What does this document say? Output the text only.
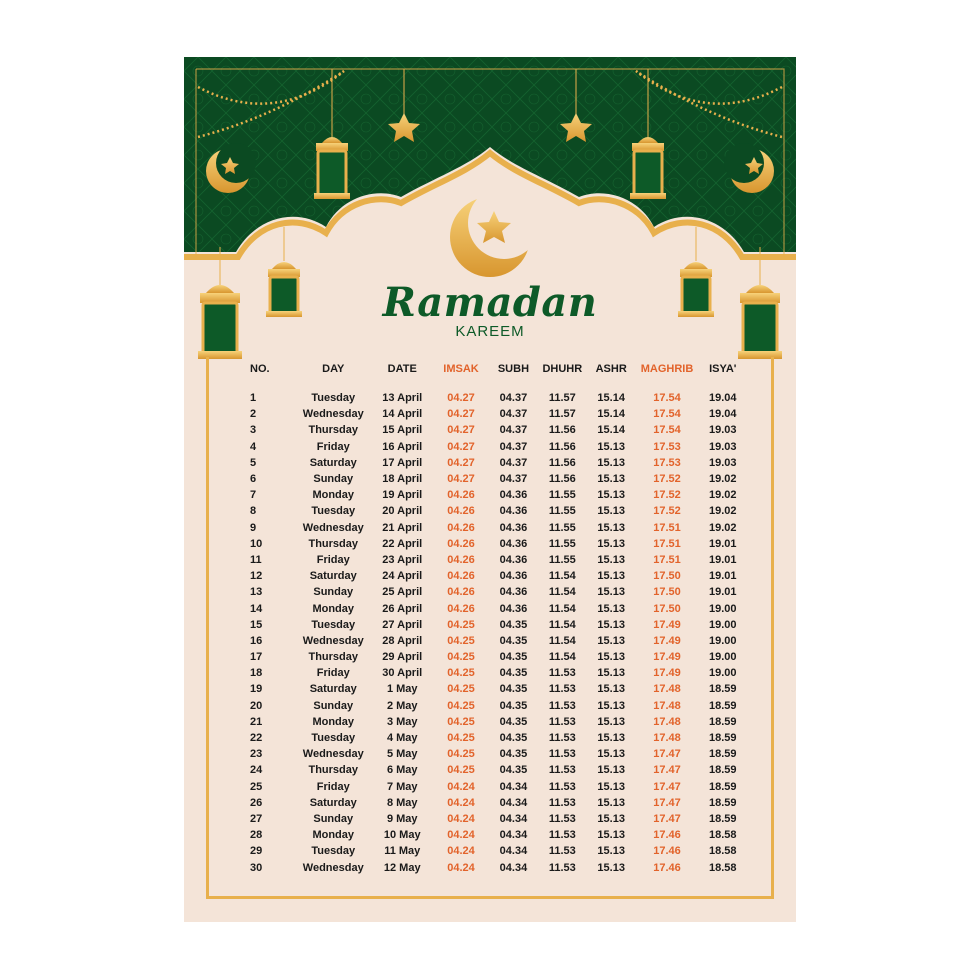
Ramadan
KAREEM
NO.	DAY	DATE	IMSAK	SUBH	DHUHR	ASHR	MAGHRIB	ISYA'

1	Tuesday	13 April	04.27	04.37	11.57	15.14	17.54	19.04
2	Wednesday	14 April	04.27	04.37	11.57	15.14	17.54	19.04
3	Thursday	15 April	04.27	04.37	11.56	15.14	17.54	19.03
4	Friday	16 April	04.27	04.37	11.56	15.13	17.53	19.03
5	Saturday	17 April	04.27	04.37	11.56	15.13	17.53	19.03
6	Sunday	18 April	04.27	04.37	11.56	15.13	17.52	19.02
7	Monday	19 April	04.26	04.36	11.55	15.13	17.52	19.02
8	Tuesday	20 April	04.26	04.36	11.55	15.13	17.52	19.02
9	Wednesday	21 April	04.26	04.36	11.55	15.13	17.51	19.02
10	Thursday	22 April	04.26	04.36	11.55	15.13	17.51	19.01
11	Friday	23 April	04.26	04.36	11.55	15.13	17.51	19.01
12	Saturday	24 April	04.26	04.36	11.54	15.13	17.50	19.01
13	Sunday	25 April	04.26	04.36	11.54	15.13	17.50	19.01
14	Monday	26 April	04.26	04.36	11.54	15.13	17.50	19.00
15	Tuesday	27 April	04.25	04.35	11.54	15.13	17.49	19.00
16	Wednesday	28 April	04.25	04.35	11.54	15.13	17.49	19.00
17	Thursday	29 April	04.25	04.35	11.54	15.13	17.49	19.00
18	Friday	30 April	04.25	04.35	11.53	15.13	17.49	19.00
19	Saturday	1 May	04.25	04.35	11.53	15.13	17.48	18.59
20	Sunday	2 May	04.25	04.35	11.53	15.13	17.48	18.59
21	Monday	3 May	04.25	04.35	11.53	15.13	17.48	18.59
22	Tuesday	4 May	04.25	04.35	11.53	15.13	17.48	18.59
23	Wednesday	5 May	04.25	04.35	11.53	15.13	17.47	18.59
24	Thursday	6 May	04.25	04.35	11.53	15.13	17.47	18.59
25	Friday	7 May	04.24	04.34	11.53	15.13	17.47	18.59
26	Saturday	8 May	04.24	04.34	11.53	15.13	17.47	18.59
27	Sunday	9 May	04.24	04.34	11.53	15.13	17.47	18.59
28	Monday	10 May	04.24	04.34	11.53	15.13	17.46	18.58
29	Tuesday	11 May	04.24	04.34	11.53	15.13	17.46	18.58
30	Wednesday	12 May	04.24	04.34	11.53	15.13	17.46	18.58
